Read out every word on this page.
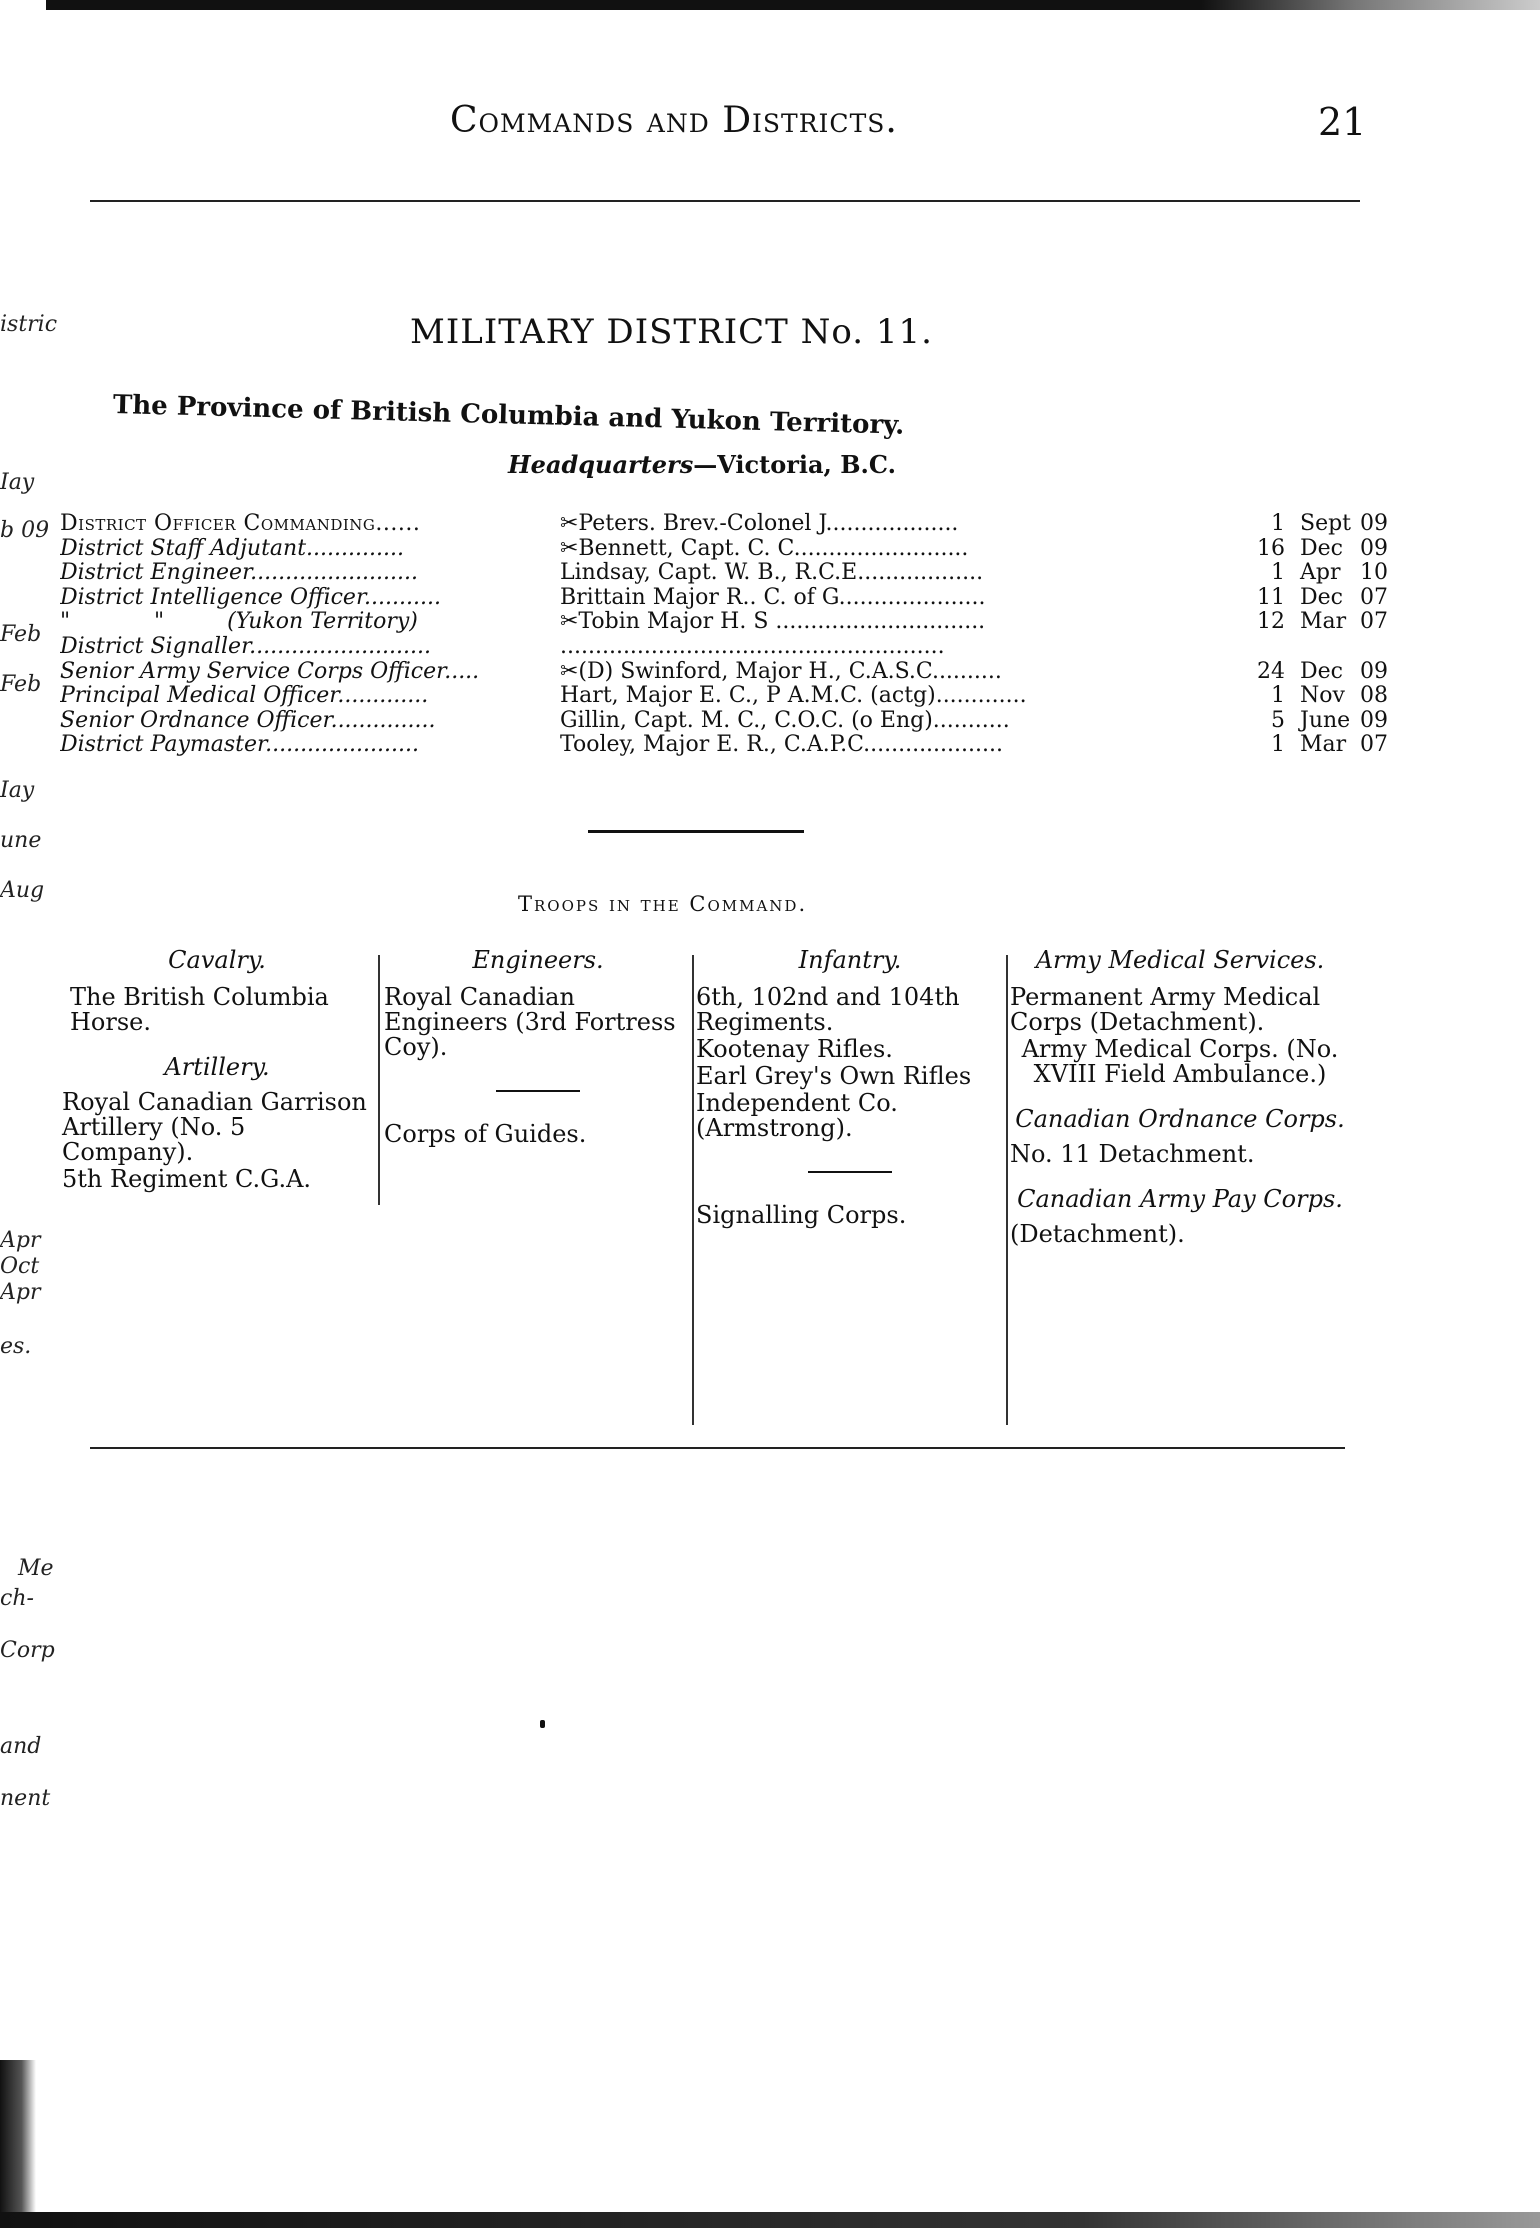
Commands and Districts.	21
istric
Iay
b 09
Feb
Feb
Iay
une
Aug
Apr
Oct
Apr
es.
Me
ch-
Corp
and
nent
MILITARY DISTRICT No. 11.
The Province of British Columbia and Yukon Territory.
Headquarters—Victoria, B.C.
District Officer Commanding......	✂Peters. Brev.-Colonel J...................	1 Sept 09
District Staff Adjutant..............	✂Bennett, Capt. C. C.........................	16 Dec 09
District Engineer........................	Lindsay, Capt. W. B., R.C.E..................	1 Apr 10
District Intelligence Officer...........	Brittain Major R.. C. of G.....................	11 Dec 07
"            "         (Yukon Territory)	✂Tobin Major H. S ..............................	12 Mar 07
District Signaller..........................	.......................................................
Senior Army Service Corps Officer.....	✂(D) Swinford, Major H., C.A.S.C..........	24 Dec 09
Principal Medical Officer.............	Hart, Major E. C., P A.M.C. (actg).............	1 Nov 08
Senior Ordnance Officer...............	Gillin, Capt. M. C., C.O.C. (o Eng)...........	5 June 09
District Paymaster......................	Tooley, Major E. R., C.A.P.C....................	1 Mar 07
Troops in the Command.
Cavalry.
The British Columbia Horse.
Artillery.
Royal Canadian Garrison Artillery (No. 5 Company).
5th Regiment C.G.A.
Engineers.
Royal Canadian Engineers (3rd Fortress Coy).
Corps of Guides.
Infantry.
6th, 102nd and 104th Regiments.
Kootenay Rifles.
Earl Grey's Own Rifles
Independent Co. (Armstrong).
Signalling Corps.
Army Medical Services.
Permanent Army Medical Corps (Detachment).
Army Medical Corps. (No. XVIII Field Ambulance.)
Canadian Ordnance Corps.
No. 11 Detachment.
Canadian Army Pay Corps.
(Detachment).
